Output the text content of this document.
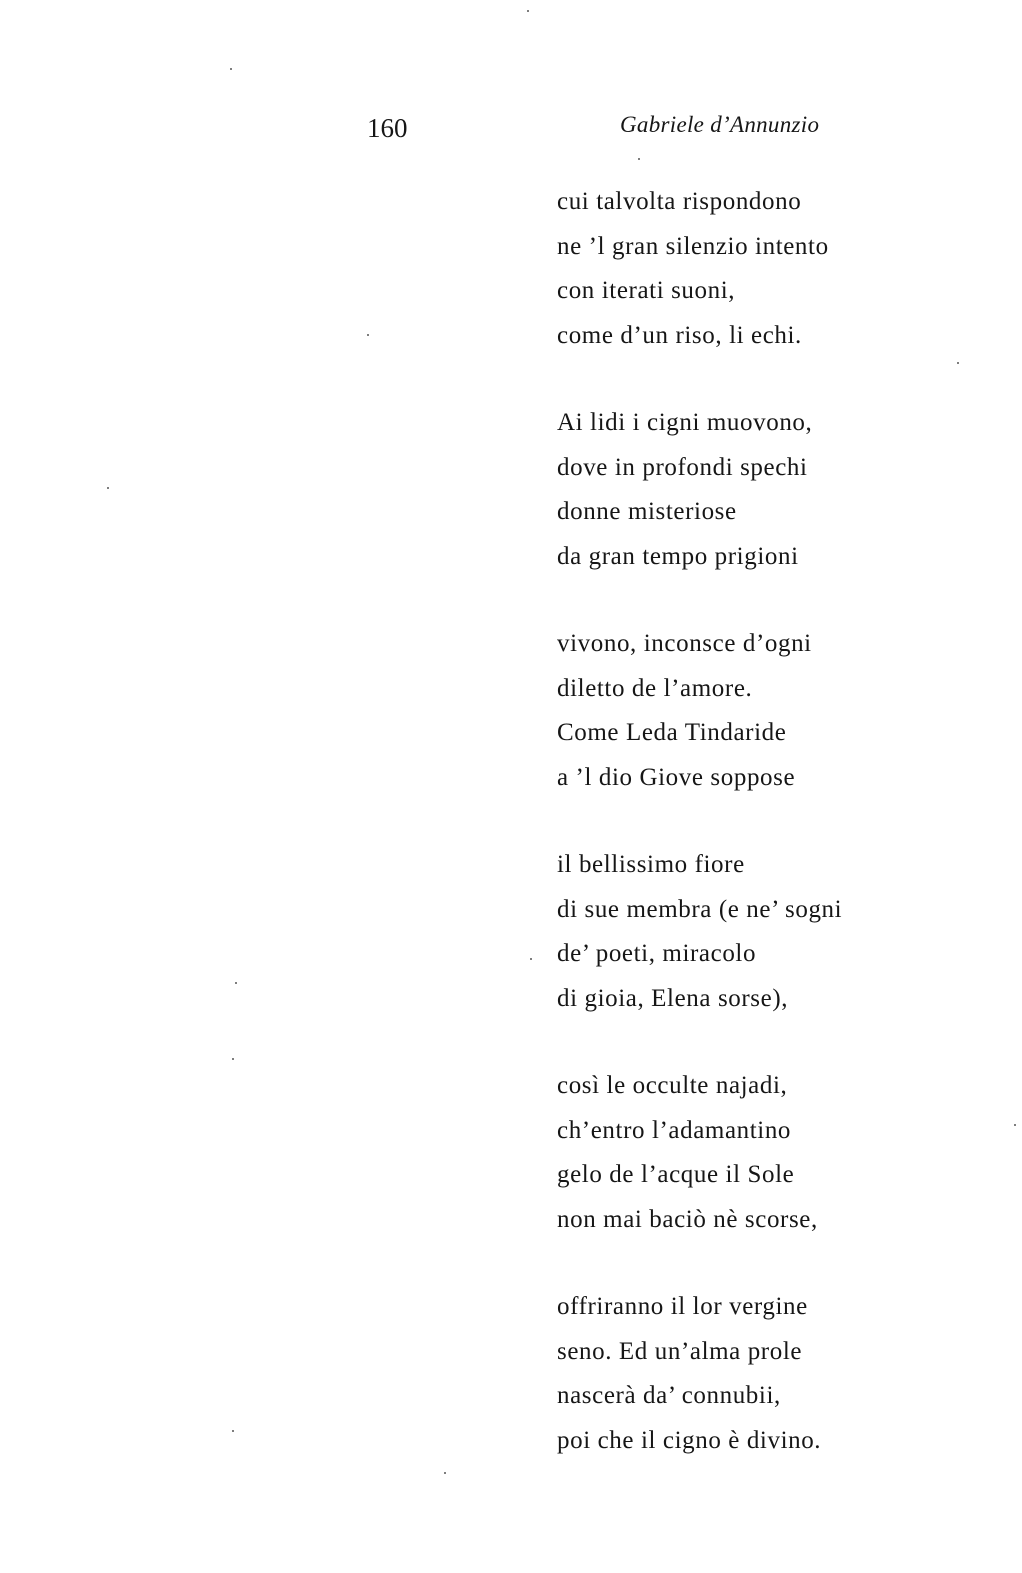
160	Gabriele d’Annunzio
cui talvolta rispondono
ne ’l gran silenzio intento
con iterati suoni,
come d’un riso, li echi.
Ai lidi i cigni muovono,
dove in profondi spechi
donne misteriose
da gran tempo prigioni
vivono, inconsce d’ogni
diletto de l’amore.
Come Leda Tindaride
a ’l dio Giove soppose
il bellissimo fiore
di sue membra (e ne’ sogni
de’ poeti, miracolo
di gioia, Elena sorse),
così le occulte najadi,
ch’entro l’adamantino
gelo de l’acque il Sole
non mai baciò nè scorse,
offriranno il lor vergine
seno. Ed un’alma prole
nascerà da’ connubii,
poi che il cigno è divino.
